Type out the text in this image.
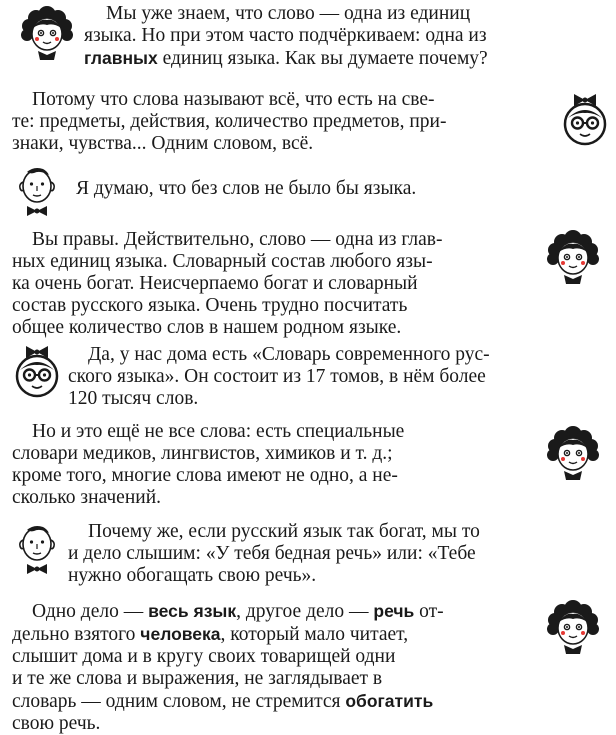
Мы уже знаем, что слово — одна из единиц
языка. Но при этом часто подчёркиваем: одна из
главных единиц языка. Как вы думаете почему?
Потому что слова называют всё, что есть на све-
те: предметы, действия, количество предметов, при-
знаки, чувства... Одним словом, всё.
Я думаю, что без слов не было бы языка.
Вы правы. Действительно, слово — одна из глав-
ных единиц языка. Словарный состав любого язы-
ка очень богат. Неисчерпаемо богат и словарный
состав русского языка. Очень трудно посчитать
общее количество слов в нашем родном языке.
Да, у нас дома есть «Словарь современного рус-
ского языка». Он состоит из 17 томов, в нём более
120 тысяч слов.
Но и это ещё не все слова: есть специальные
словари медиков, лингвистов, химиков и т. д.;
кроме того, многие слова имеют не одно, а не-
сколько значений.
Почему же, если русский язык так богат, мы то
и дело слышим: «У тебя бедная речь» или: «Тебе
нужно обогащать свою речь».
Одно дело — весь язык, другое дело — речь от-
дельно взятого человека, который мало читает,
слышит дома и в кругу своих товарищей одни
и те же слова и выражения, не заглядывает в
словарь — одним словом, не стремится обогатить
свою речь.
